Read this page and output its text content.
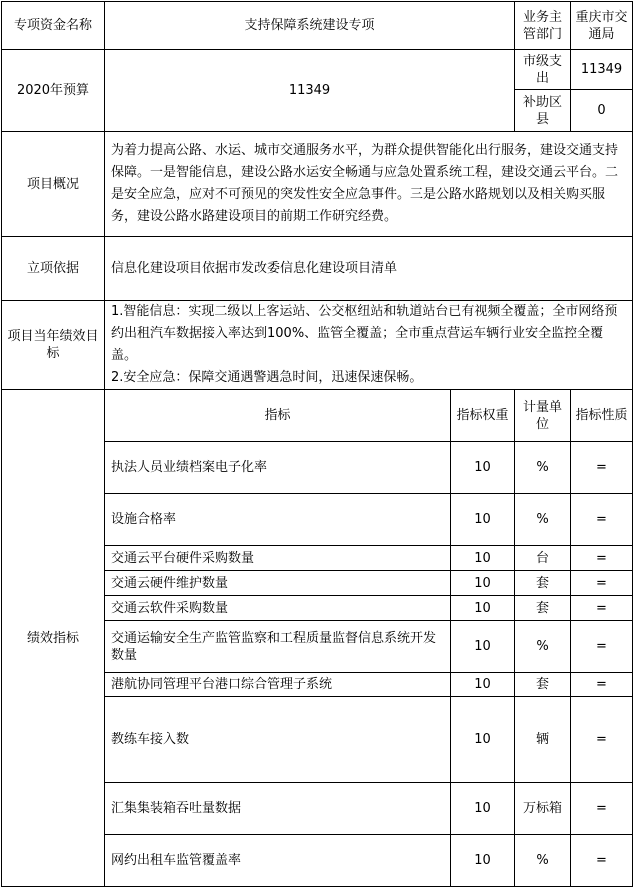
专项资金名称	支持保障系统建设专项		业务主管部门	重庆市交通局	
2020年预算	11349		市级支出	11349	
			补助区县	0	
项目概况	为着力提高公路、水运、城市交通服务水平，为群众提供智能化出行服务，建设交通支持保障。一是智能信息，建设公路水运安全畅通与应急处置系统工程，建设交通云平台。二是安全应急，应对不可预见的突发性安全应急事件。三是公路水路规划以及相关购买服务，建设公路水路建设项目的前期工作研究经费。				
立项依据	信息化建设项目依据市发改委信息化建设项目清单				
项目当年绩效目标	1.智能信息：实现二级以上客运站、公交枢纽站和轨道站台已有视频全覆盖；全市网络预约出租汽车数据接入率达到100%、监管全覆盖；全市重点营运车辆行业安全监控全覆盖。
2.安全应急：保障交通遇警遇急时间，迅速保速保畅。				

绩效指标	指标	指标权重	计量单位	指标性质	
	执法人员业绩档案电子化率	10	%	=	
	设施合格率	10	%	=	
	交通云平台硬件采购数量	10	台	=	
	交通云硬件维护数量	10	套	=	
	交通云软件采购数量	10	套	=	
	交通运输安全生产监管监察和工程质量监督信息系统开发数量	10	%	=	
	港航协同管理平台港口综合管理子系统	10	套	=	
	教练车接入数	10	辆	=	
	汇集集装箱吞吐量数据	10	万标箱	=	
	网约出租车监管覆盖率	10	%	=	
